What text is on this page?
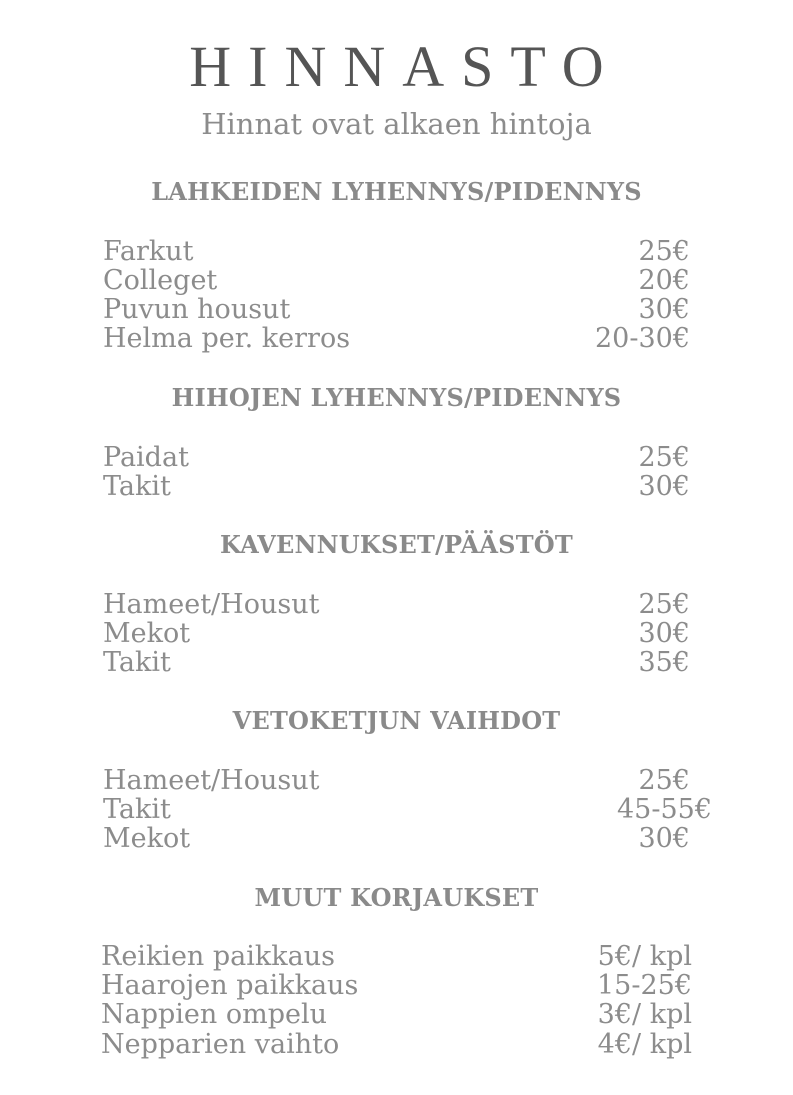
HINNASTO
Hinnat ovat alkaen hintoja
LAHKEIDEN LYHENNYS/PIDENNYS
Farkut	25€
Colleget	20€
Puvun housut	30€
Helma per. kerros	20-30€
HIHOJEN LYHENNYS/PIDENNYS
Paidat	25€
Takit	30€
KAVENNUKSET/PÄÄSTÖT
Hameet/Housut	25€
Mekot	30€
Takit	35€
VETOKETJUN VAIHDOT
Hameet/Housut	25€
Takit	45-55€
Mekot	30€
MUUT KORJAUKSET
Reikien paikkaus	5€/ kpl
Haarojen paikkaus	15-25€
Nappien ompelu	3€/ kpl
Nepparien vaihto	4€/ kpl
